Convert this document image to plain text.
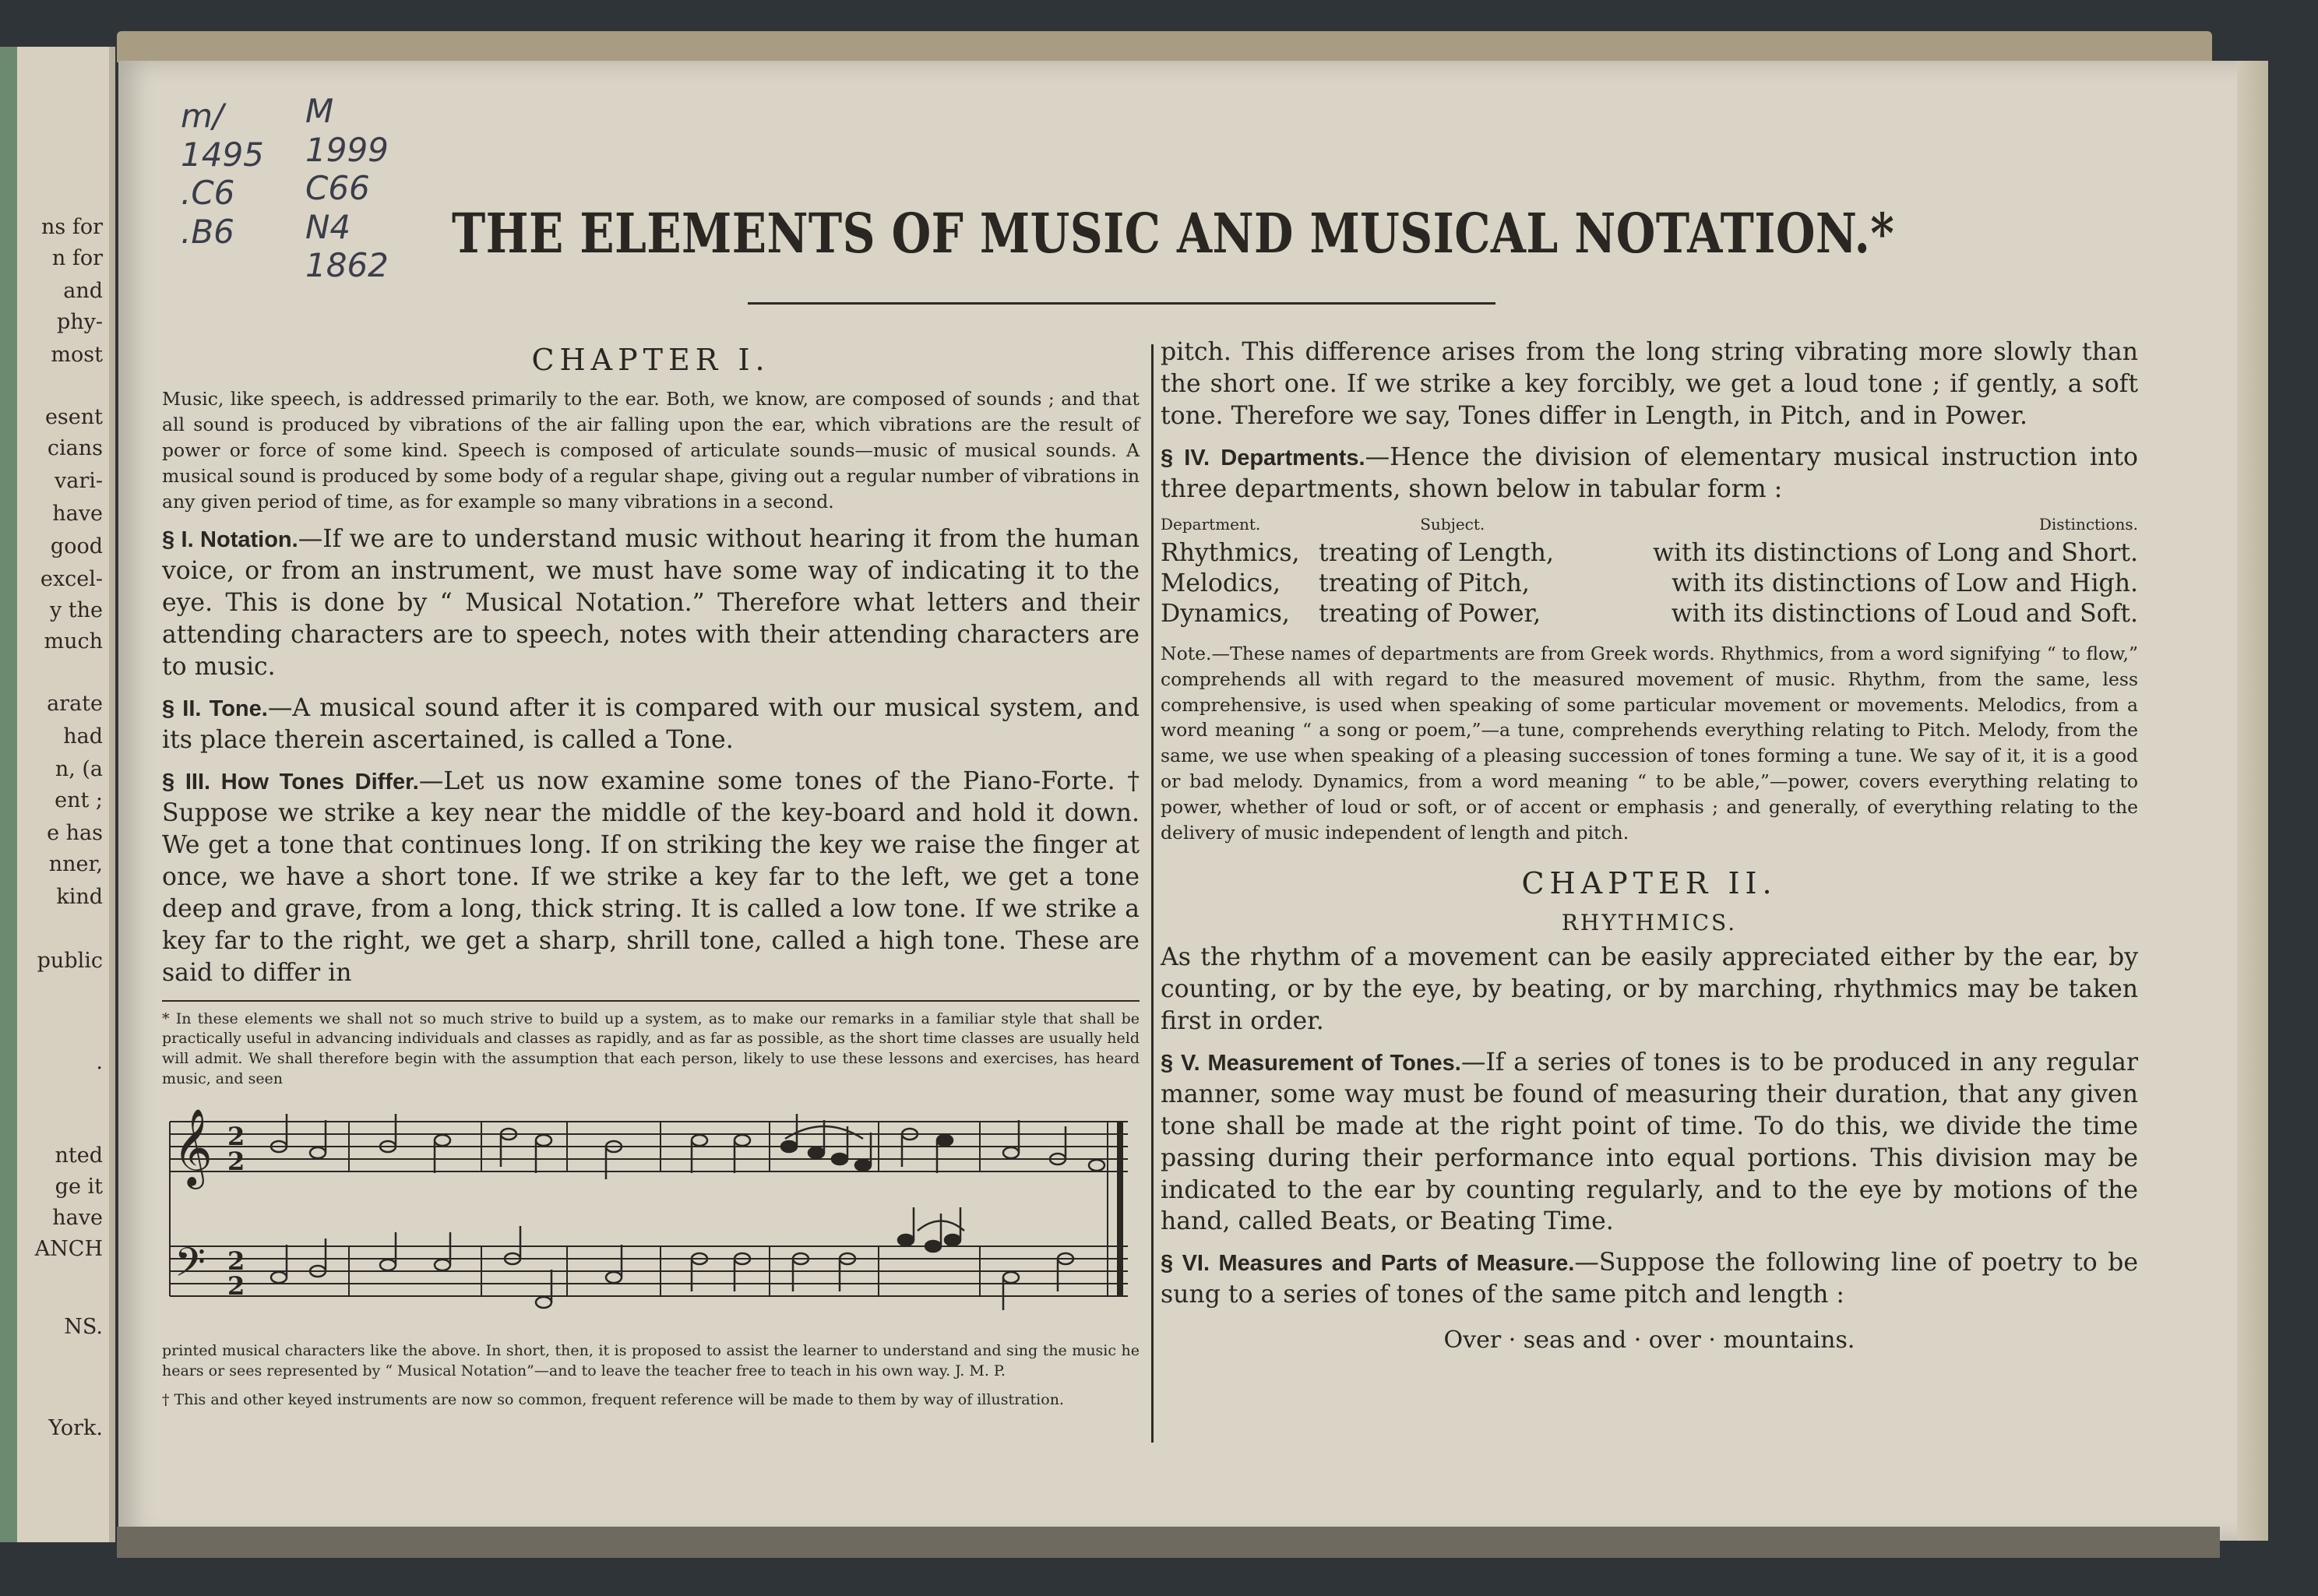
ns for
n for
and
phy-
most
esent
cians
vari-
have
good
excel-
y the
much
arate
had
n, (a
ent ;
e has
nner,
kind
public
.
nted
ge it
have
ANCH
NS.
York.
m/
1495
.C6
.B6
M
1999
C66
N4
1862 THE ELEMENTS OF MUSIC AND MUSICAL NOTATION.*
CHAPTER I.

Music, like speech, is addressed primarily to the ear. Both, we know, are composed of sounds ; and that all sound is produced by vibrations of the air falling upon the ear, which vibrations are the result of power or force of some kind. Speech is composed of articulate sounds—music of musical sounds. A musical sound is produced by some body of a regular shape, giving out a regular number of vibrations in any given period of time, as for example so many vibrations in a second.

§ I. Notation.—If we are to understand music without hearing it from the human voice, or from an instrument, we must have some way of indicating it to the eye. This is done by “ Musical Notation.” Therefore what letters and their attending characters are to speech, notes with their attending characters are to music.

§ II. Tone.—A musical sound after it is compared with our musical system, and its place therein ascertained, is called a Tone.

§ III. How Tones Differ.—Let us now examine some tones of the Piano-Forte. † Suppose we strike a key near the middle of the key-board and hold it down. We get a tone that continues long. If on striking the key we raise the finger at once, we have a short tone. If we strike a key far to the left, we get a tone deep and grave, from a long, thick string. It is called a low tone. If we strike a key far to the right, we get a sharp, shrill tone, called a high tone. These are said to differ in

* In these elements we shall not so much strive to build up a system, as to make our remarks in a familiar style that shall be practically useful in advancing individuals and classes as rapidly, and as far as possible, as the short time classes are usually held will admit. We shall therefore begin with the assumption that each person, likely to use these lessons and exercises, has heard music, and seen

𝄞
𝄢
2
2
2
2

printed musical characters like the above. In short, then, it is proposed to assist the learner to understand and sing the music he hears or sees represented by “ Musical Notation”—and to leave the teacher free to teach in his own way. J. M. P.

† This and other keyed instruments are now so common, frequent reference will be made to them by way of illustration.

pitch. This difference arises from the long string vibrating more slowly than the short one. If we strike a key forcibly, we get a loud tone ; if gently, a soft tone. Therefore we say, Tones differ in Length, in Pitch, and in Power.

§ IV. Departments.—Hence the division of elementary musical instruction into three departments, shown below in tabular form :

Department.	Subject.	Distinctions.
Rhythmics,	treating of Length,	with its distinctions of Long and Short.
Melodics,	treating of Pitch,	with its distinctions of Low and High.
Dynamics,	treating of Power,	with its distinctions of Loud and Soft.

Note.—These names of departments are from Greek words. Rhythmics, from a word signifying “ to flow,” comprehends all with regard to the measured movement of music. Rhythm, from the same, less comprehensive, is used when speaking of some particular movement or movements. Melodics, from a word meaning “ a song or poem,”—a tune, comprehends everything relating to Pitch. Melody, from the same, we use when speaking of a pleasing succession of tones forming a tune. We say of it, it is a good or bad melody. Dynamics, from a word meaning “ to be able,”—power, covers everything relating to power, whether of loud or soft, or of accent or emphasis ; and generally, of everything relating to the delivery of music independent of length and pitch.

CHAPTER II.
RHYTHMICS.

As the rhythm of a movement can be easily appreciated either by the ear, by counting, or by the eye, by beating, or by marching, rhythmics may be taken first in order.

§ V. Measurement of Tones.—If a series of tones is to be produced in any regular manner, some way must be found of measuring their duration, that any given tone shall be made at the right point of time. To do this, we divide the time passing during their performance into equal portions. This division may be indicated to the ear by counting regularly, and to the eye by motions of the hand, called Beats, or Beating Time.

§ VI. Measures and Parts of Measure.—Suppose the following line of poetry to be sung to a series of tones of the same pitch and length :

Over · seas and · over · mountains.
